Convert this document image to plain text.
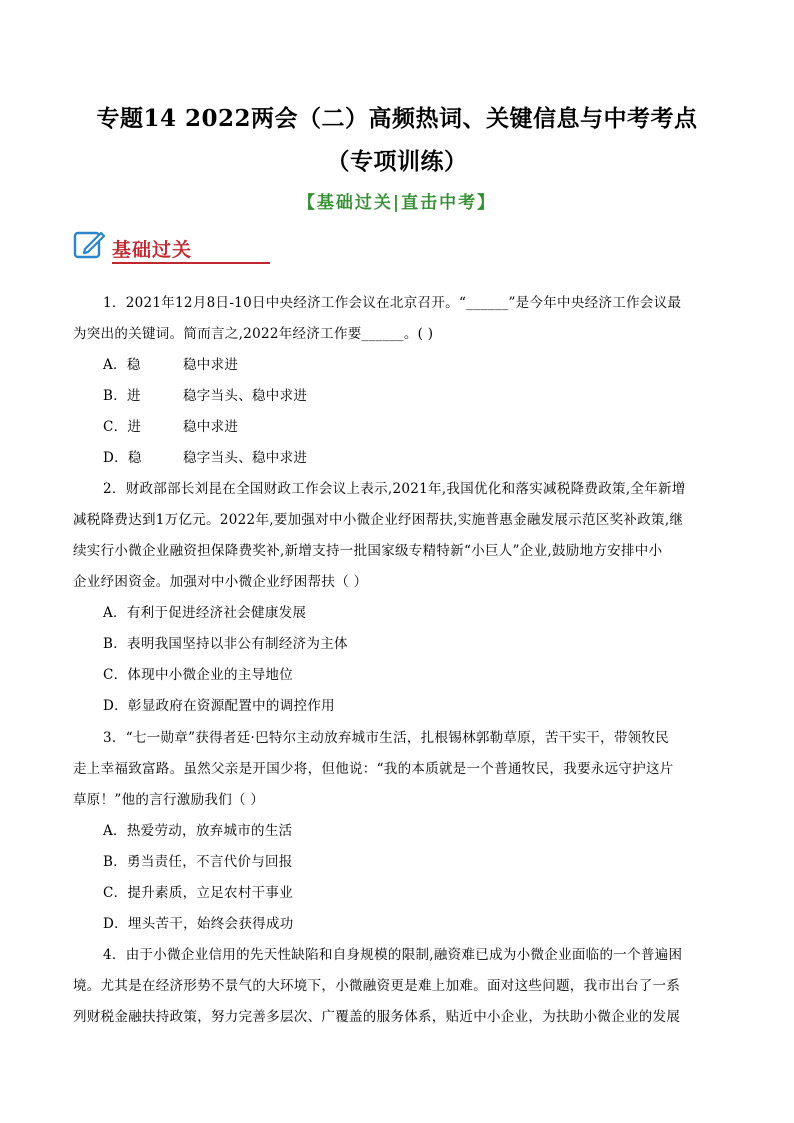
专题14 2022两会（二）高频热词、关键信息与中考考点
（专项训练）
【基础过关|直击中考】
基础过关
1．2021年12月8日-10日中央经济工作会议在北京召开。“______”是今年中央经济工作会议最
为突出的关键词。简而言之,2022年经济工作要______。( )
A．稳	稳中求进
B．进	稳字当头、稳中求进
C．进	稳中求进
D．稳	稳字当头、稳中求进
2．财政部部长刘昆在全国财政工作会议上表示,2021年,我国优化和落实减税降费政策,全年新增
减税降费达到1万亿元。2022年,要加强对中小微企业纾困帮扶,实施普惠金融发展示范区奖补政策,继
续实行小微企业融资担保降费奖补,新增支持一批国家级专精特新“小巨人”企业,鼓励地方安排中小
企业纾困资金。加强对中小微企业纾困帮扶（ ）
A．有利于促进经济社会健康发展
B．表明我国坚持以非公有制经济为主体
C．体现中小微企业的主导地位
D．彰显政府在资源配置中的调控作用
3．“七一勋章”获得者廷·巴特尔主动放弃城市生活，扎根锡林郭勒草原，苦干实干，带领牧民
走上幸福致富路。虽然父亲是开国少将，但他说：“我的本质就是一个普通牧民，我要永远守护这片
草原！”他的言行激励我们（ ）
A．热爱劳动，放弃城市的生活
B．勇当责任，不言代价与回报
C．提升素质，立足农村干事业
D．埋头苦干，始终会获得成功
4．由于小微企业信用的先天性缺陷和自身规模的限制,融资难已成为小微企业面临的一个普遍困
境。尤其是在经济形势不景气的大环境下，小微融资更是难上加难。面对这些问题，我市出台了一系
列财税金融扶持政策，努力完善多层次、广覆盖的服务体系，贴近中小企业，为扶助小微企业的发展
